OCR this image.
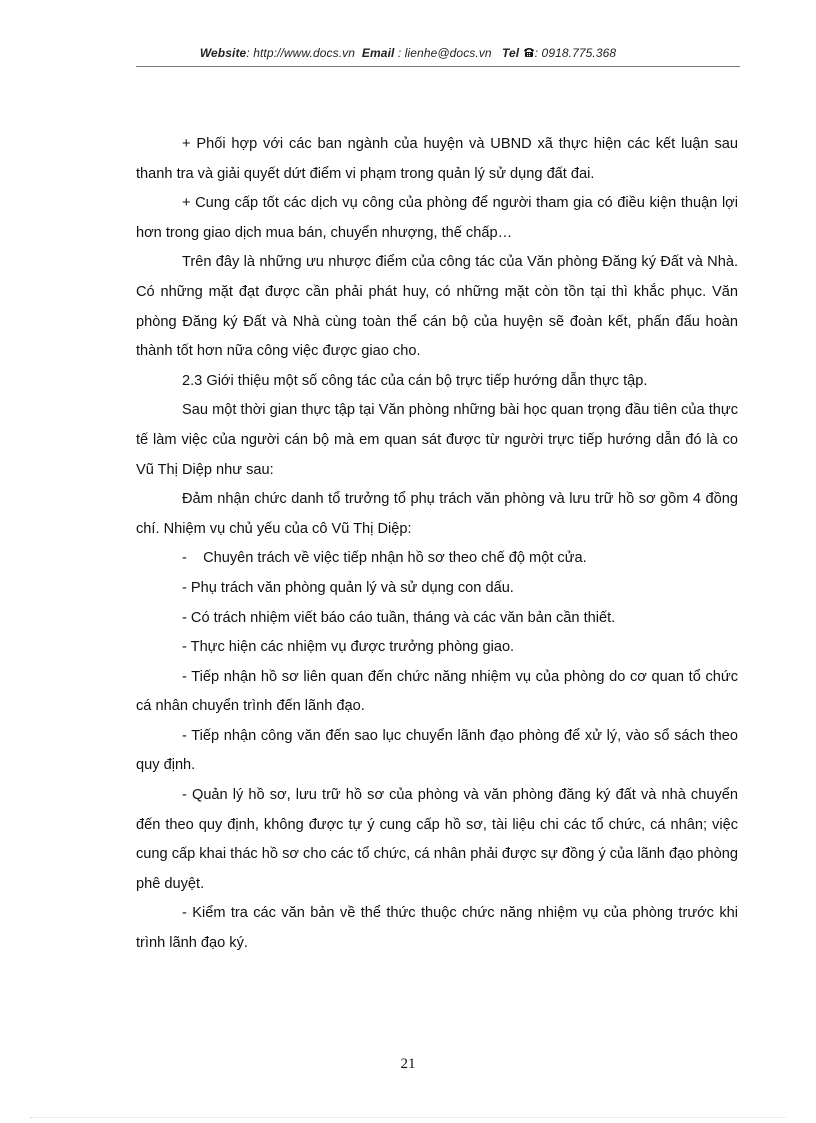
Website: http://www.docs.vn Email : lienhe@docs.vn Tel : 0918.775.368

+ Phối hợp với các ban ngành của huyện và UBND xã thực hiện các kết luận sau thanh tra và giải quyết dứt điểm vi phạm trong quản lý sử dụng đất đai.

+ Cung cấp tốt các dịch vụ công của phòng để người tham gia có điều kiện thuận lợi hơn trong giao dịch mua bán, chuyển nhượng, thế chấp…

Trên đây là những ưu nhược điểm của công tác của Văn phòng Đăng ký Đất và Nhà. Có những mặt đạt được cần phải phát huy, có những mặt còn tồn tại thì khắc phục. Văn phòng Đăng ký Đất và Nhà cùng toàn thể cán bộ của huyện sẽ đoàn kết, phấn đấu hoàn thành tốt hơn nữa công việc được giao cho.

2.3 Giới thiệu một số công tác của cán bộ trực tiếp hướng dẫn thực tập.

Sau một thời gian thực tập tại Văn phòng những bài học quan trọng đầu tiên của thực tế làm việc của người cán bộ mà em quan sát được từ người trực tiếp hướng dẫn đó là co Vũ Thị Diệp như sau:

Đảm nhận chức danh tổ trưởng tổ phụ trách văn phòng và lưu trữ hồ sơ gồm 4 đồng chí. Nhiệm vụ chủ yếu của cô Vũ Thị Diệp:

-    Chuyên trách về việc tiếp nhận hồ sơ theo chế độ một cửa.

- Phụ trách văn phòng quản lý và sử dụng con dấu.

- Có trách nhiệm viết báo cáo tuần, tháng và các văn bản cần thiết.

- Thực hiện các nhiệm vụ được trưởng phòng giao.

- Tiếp nhận hồ sơ liên quan đến chức năng nhiệm vụ của phòng do cơ quan tổ chức cá nhân chuyển trình đến lãnh đạo.

- Tiếp nhận công văn đến sao lục chuyển lãnh đạo phòng để xử lý, vào sổ sách theo quy định.

- Quản lý hồ sơ, lưu trữ hồ sơ của phòng và văn phòng đăng ký đất và nhà chuyển đến theo quy định, không được tự ý cung cấp hồ sơ, tài liệu chi các tổ chức, cá nhân; việc cung cấp khai thác hồ sơ cho các tổ chức, cá nhân phải được sự đồng ý của lãnh đạo phòng phê duyệt.

- Kiểm tra các văn bản về thể thức thuộc chức năng nhiệm vụ của phòng trước khi trình lãnh đạo ký.

21
